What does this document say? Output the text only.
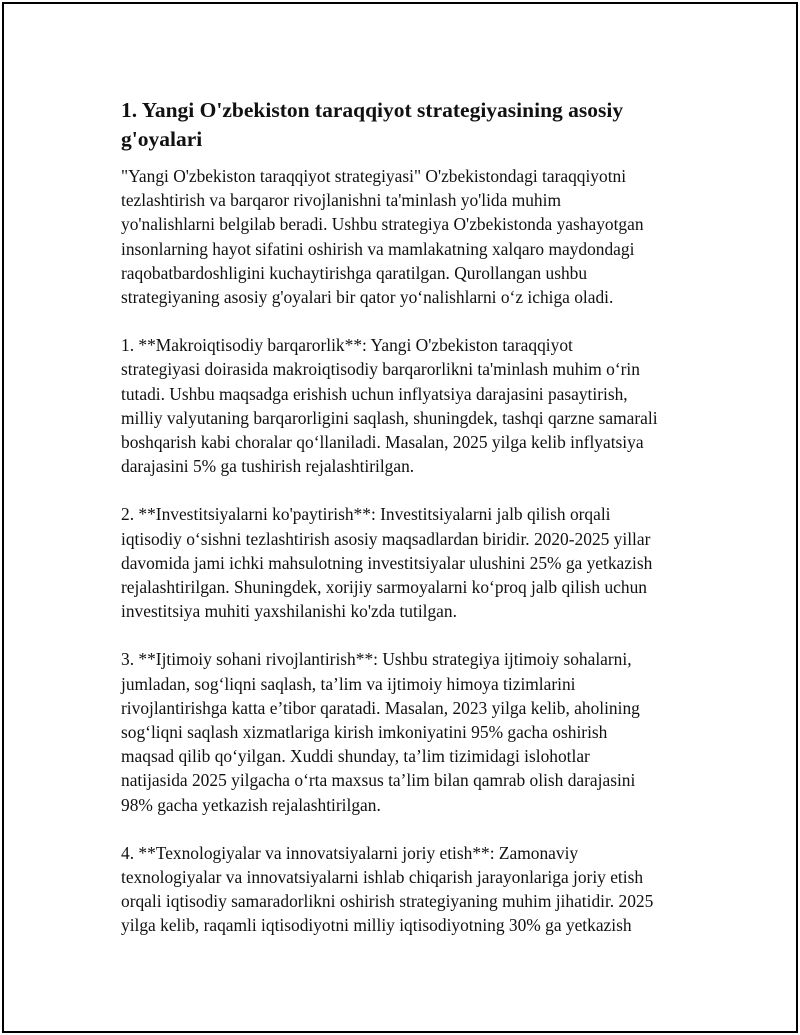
1. Yangi O'zbekiston taraqqiyot strategiyasining asosiy
g'oyalari
"Yangi O'zbekiston taraqqiyot strategiyasi" O'zbekistondagi taraqqiyotni
tezlashtirish va barqaror rivojlanishni ta'minlash yo'lida muhim
yo'nalishlarni belgilab beradi. Ushbu strategiya O'zbekistonda yashayotgan
insonlarning hayot sifatini oshirish va mamlakatning xalqaro maydondagi
raqobatbardoshligini kuchaytirishga qaratilgan. Qurollangan ushbu
strategiyaning asosiy g'oyalari bir qator yo‘nalishlarni o‘z ichiga oladi.
1. **Makroiqtisodiy barqarorlik**: Yangi O'zbekiston taraqqiyot
strategiyasi doirasida makroiqtisodiy barqarorlikni ta'minlash muhim o‘rin
tutadi. Ushbu maqsadga erishish uchun inflyatsiya darajasini pasaytirish,
milliy valyutaning barqarorligini saqlash, shuningdek, tashqi qarzne samarali
boshqarish kabi choralar qo‘llaniladi. Masalan, 2025 yilga kelib inflyatsiya
darajasini 5% ga tushirish rejalashtirilgan.
2. **Investitsiyalarni ko'paytirish**: Investitsiyalarni jalb qilish orqali
iqtisodiy o‘sishni tezlashtirish asosiy maqsadlardan biridir. 2020-2025 yillar
davomida jami ichki mahsulotning investitsiyalar ulushini 25% ga yetkazish
rejalashtirilgan. Shuningdek, xorijiy sarmoyalarni ko‘proq jalb qilish uchun
investitsiya muhiti yaxshilanishi ko'zda tutilgan.
3. **Ijtimoiy sohani rivojlantirish**: Ushbu strategiya ijtimoiy sohalarni,
jumladan, sog‘liqni saqlash, ta’lim va ijtimoiy himoya tizimlarini
rivojlantirishga katta e’tibor qaratadi. Masalan, 2023 yilga kelib, aholining
sog‘liqni saqlash xizmatlariga kirish imkoniyatini 95% gacha oshirish
maqsad qilib qo‘yilgan. Xuddi shunday, ta’lim tizimidagi islohotlar
natijasida 2025 yilgacha o‘rta maxsus ta’lim bilan qamrab olish darajasini
98% gacha yetkazish rejalashtirilgan.
4. **Texnologiyalar va innovatsiyalarni joriy etish**: Zamonaviy
texnologiyalar va innovatsiyalarni ishlab chiqarish jarayonlariga joriy etish
orqali iqtisodiy samaradorlikni oshirish strategiyaning muhim jihatidir. 2025
yilga kelib, raqamli iqtisodiyotni milliy iqtisodiyotning 30% ga yetkazish
